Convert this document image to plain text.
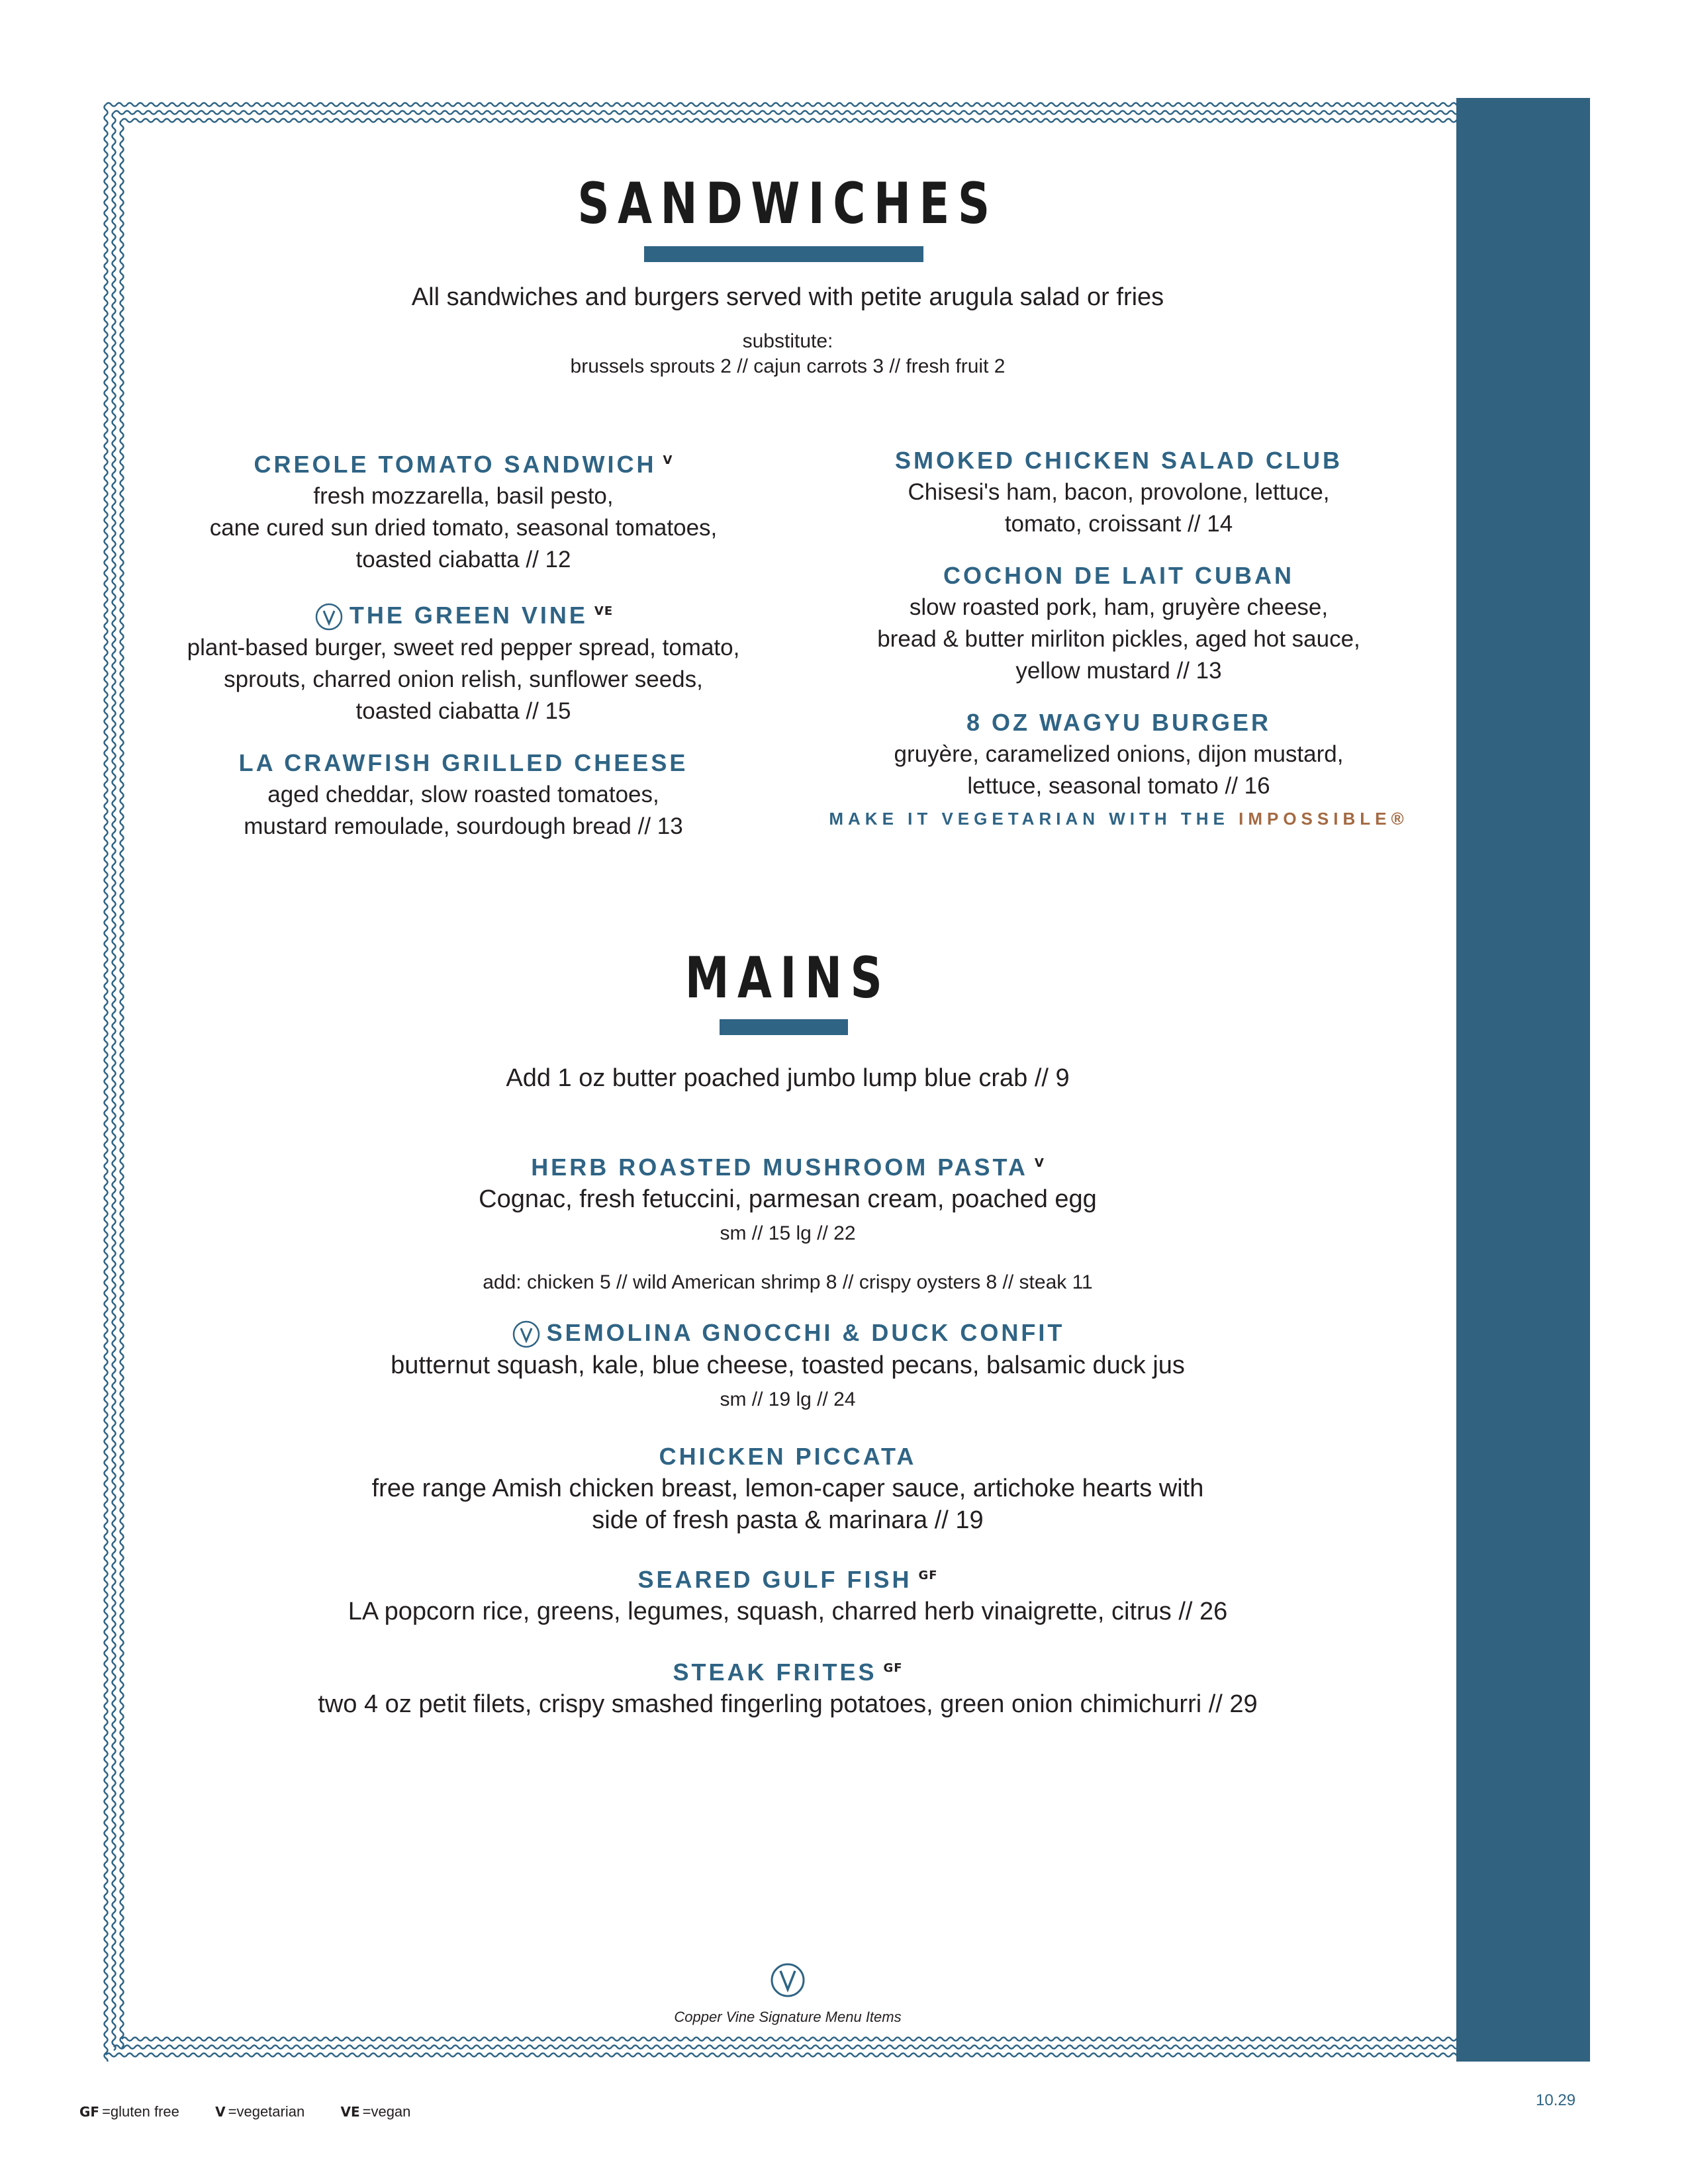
SANDWICHES
All sandwiches and burgers served with petite arugula salad or fries
substitute:
brussels sprouts 2 // cajun carrots 3 // fresh fruit 2
CREOLE TOMATO SANDWICH $^V$
fresh mozzarella, basil pesto,
cane cured sun dried tomato, seasonal tomatoes,
toasted ciabatta // 12
THE GREEN VINE $^{VE}$
plant-based burger, sweet red pepper spread, tomato,
sprouts, charred onion relish, sunflower seeds,
toasted ciabatta // 15
LA CRAWFISH GRILLED CHEESE
aged cheddar, slow roasted tomatoes,
mustard remoulade, sourdough bread // 13
SMOKED CHICKEN SALAD CLUB
Chisesi's ham, bacon, provolone, lettuce,
tomato, croissant // 14
COCHON DE LAIT CUBAN
slow roasted pork, ham, gruyère cheese,
bread & butter mirliton pickles, aged hot sauce,
yellow mustard // 13
8 OZ WAGYU BURGER
gruyère, caramelized onions, dijon mustard,
lettuce, seasonal tomato // 16
MAKE IT VEGETARIAN WITH THE IMPOSSIBLE®
MAINS
Add 1 oz butter poached jumbo lump blue crab // 9
HERB ROASTED MUSHROOM PASTA $^V$
Cognac, fresh fetuccini, parmesan cream, poached egg
sm // 15 lg // 22
add: chicken 5 // wild American shrimp 8 // crispy oysters 8 // steak 11
SEMOLINA GNOCCHI & DUCK CONFIT
butternut squash, kale, blue cheese, toasted pecans, balsamic duck jus
sm // 19 lg // 24
CHICKEN PICCATA
free range Amish chicken breast, lemon-caper sauce, artichoke hearts with
side of fresh pasta & marinara // 19
SEARED GULF FISH $^{GF}$
LA popcorn rice, greens, legumes, squash, charred herb vinaigrette, citrus // 26
STEAK FRITES $^{GF}$
two 4 oz petit filets, crispy smashed fingerling potatoes, green onion chimichurri // 29
Copper Vine Signature Menu Items
GF =gluten free	V =vegetarian	VE =vegan
10.29
